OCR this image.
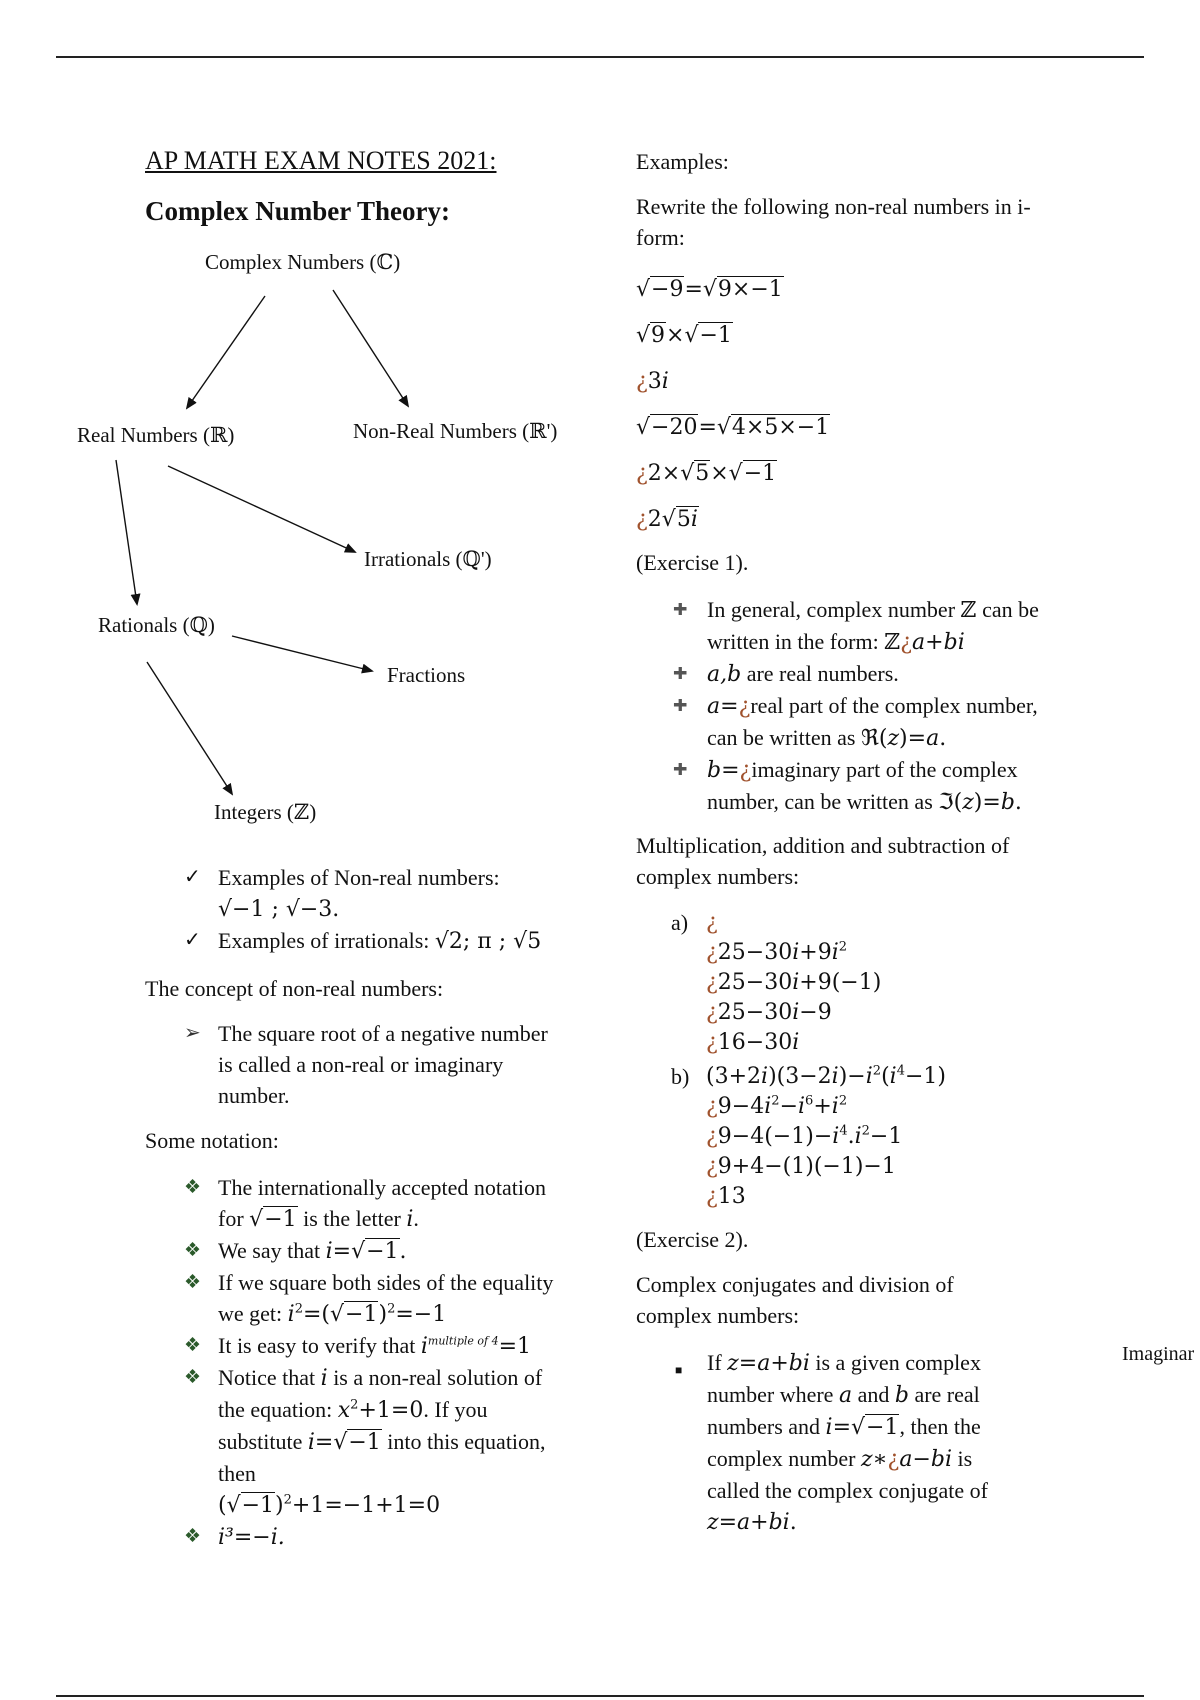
AP MATH EXAM NOTES 2021:
Complex Number Theory:
Complex Numbers (ℂ)
Real Numbers (ℝ)	Non-Real Numbers (ℝ')
Irrationals (ℚ')
Rationals (ℚ)
Fractions
Integers (ℤ)
✓ Examples of Non-real numbers:
√−1 ; √−3.
✓ Examples of irrationals: √2; π ; √5

The concept of non-real numbers:

➢ The square root of a negative number is called a non-real or imaginary number.

Some notation:

❖ The internationally accepted notation for √−1 is the letter i.
❖ We say that i=√−1.
❖ If we square both sides of the equality we get: $i^2=(√-1)^2=-1$
❖ It is easy to verify that $i^{multiple of 4}=1$
❖ Notice that i is a non-real solution of the equation: $x^2+1=0$. If you substitute i=√−1 into this equation, then
$(√-1)^2+1=-1+1=0$
❖ i³=−i.

Examples:

Rewrite the following non-real numbers in i-form:

√−9=√9×−1
√9×√−1
¿3i
√−20=√4×5×−1
¿2×√5×√−1
¿2√5i

(Exercise 1).

🞦 In general, complex number ℤ can be written in the form: ℤ¿a+bi
🞦 a,b are real numbers.
🞦 a=¿real part of the complex number, can be written as ℜ(z)=a.
🞦 b=¿imaginary part of the complex number, can be written as ℑ(z)=b.

Multiplication, addition and subtraction of complex numbers:

a) ¿
¿$25-30i+9i^2$
¿25−30i+9(−1)
¿25−30i−9
¿16−30i
b) $(3+2i)(3-2i)-i^2(i^4-1)$
¿$9-4i^2-i^6+i^2$
¿$9-4(-1)-i^4.i^2-1$
¿9+4−(1)(−1)−1
¿13

(Exercise 2).

Complex conjugates and division of complex numbers:

■ If z=a+bi is a given complex number where a and b are real numbers and i=√−1, then the complex number z∗¿a−bi is called the complex conjugate of z=a+bi.
Imaginar
